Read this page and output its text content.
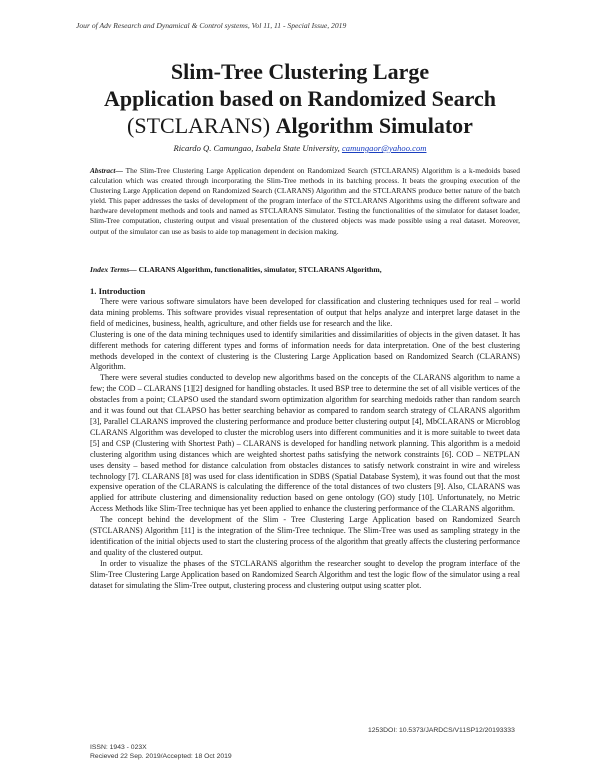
Jour of Adv Research and Dynamical & Control systems, Vol 11, 11 - Special Issue, 2019
Slim-Tree Clustering Large
Application based on Randomized Search
(STCLARANS) Algorithm Simulator
Ricardo Q. Camungao, Isabela State University, camungaor@yahoo.com
Abstract— The Slim-Tree Clustering Large Application dependent on Randomized Search (STCLARANS) Algorithm is a k-medoids based calculation which was created through incorporating the Slim-Tree methods in its batching process. It beats the grouping execution of the Clustering Large Application depend on Randomized Search (CLARANS) Algorithm and the STCLARANS produce better nature of the batch yield. This paper addresses the tasks of development of the program interface of the STCLARANS Algorithms using the different software and hardware development methods and tools and named as STCLARANS Simulator. Testing the functionalities of the simulator for dataset loader, Slim-Tree computation, clustering output and visual presentation of the clustered objects was made possible using a real dataset. Moreover, output of the simulator can use as basis to aide top management in decision making.
Index Terms— CLARANS Algorithm, functionalities, simulator, STCLARANS Algorithm,
1. Introduction

There were various software simulators have been developed for classification and clustering techniques used for real – world data mining problems. This software provides visual representation of output that helps analyze and interpret large dataset in the field of medicines, business, health, agriculture, and other fields use for research and the like.

Clustering is one of the data mining techniques used to identify similarities and dissimilarities of objects in the given dataset. It has different methods for catering different types and forms of information needs for data interpretation. One of the best clustering methods developed in the context of clustering is the Clustering Large Application based on Randomized Search (CLARANS) Algorithm.

There were several studies conducted to develop new algorithms based on the concepts of the CLARANS algorithm to name a few; the COD – CLARANS [1][2] designed for handling obstacles. It used BSP tree to determine the set of all visible vertices of the obstacles from a point; CLAPSO used the standard sworn optimization algorithm for searching medoids rather than random search and it was found out that CLAPSO has better searching behavior as compared to random search strategy of CLARANS algorithm [3], Parallel CLARANS improved the clustering performance and produce better clustering output [4], MbCLARANS or Microblog CLARANS Algorithm was developed to cluster the microblog users into different communities and it is more suitable to tweet data [5] and CSP (Clustering with Shortest Path) – CLARANS is developed for handling network planning. This algorithm is a medoid clustering algorithm using distances which are weighted shortest paths satisfying the network constraints [6]. COD – NETPLAN uses density – based method for distance calculation from obstacles distances to satisfy network constraint in wire and wireless technology [7]. CLARANS [8] was used for class identification in SDBS (Spatial Database System), it was found out that the most expensive operation of the CLARANS is calculating the difference of the total distances of two clusters [9]. Also, CLARANS was applied for attribute clustering and dimensionality reduction based on gene ontology (GO) study [10]. Unfortunately, no Metric Access Methods like Slim-Tree technique has yet been applied to enhance the clustering performance of the CLARANS algorithm.

The concept behind the development of the Slim - Tree Clustering Large Application based on Randomized Search (STCLARANS) Algorithm [11] is the integration of the Slim-Tree technique. The Slim-Tree was used as sampling strategy in the identification of the initial objects used to start the clustering process of the algorithm that greatly affects the clustering performance and quality of the clustered output.

In order to visualize the phases of the STCLARANS algorithm the researcher sought to develop the program interface of the Slim-Tree Clustering Large Application based on Randomized Search Algorithm and test the logic flow of the simulator using a real dataset for simulating the Slim-Tree output, clustering process and clustering output using scatter plot.

1253DOI: 10.5373/JARDCS/V11SP12/20193333
ISSN: 1943 - 023X
Recieved 22 Sep. 2019/Accepted: 18 Oct 2019
